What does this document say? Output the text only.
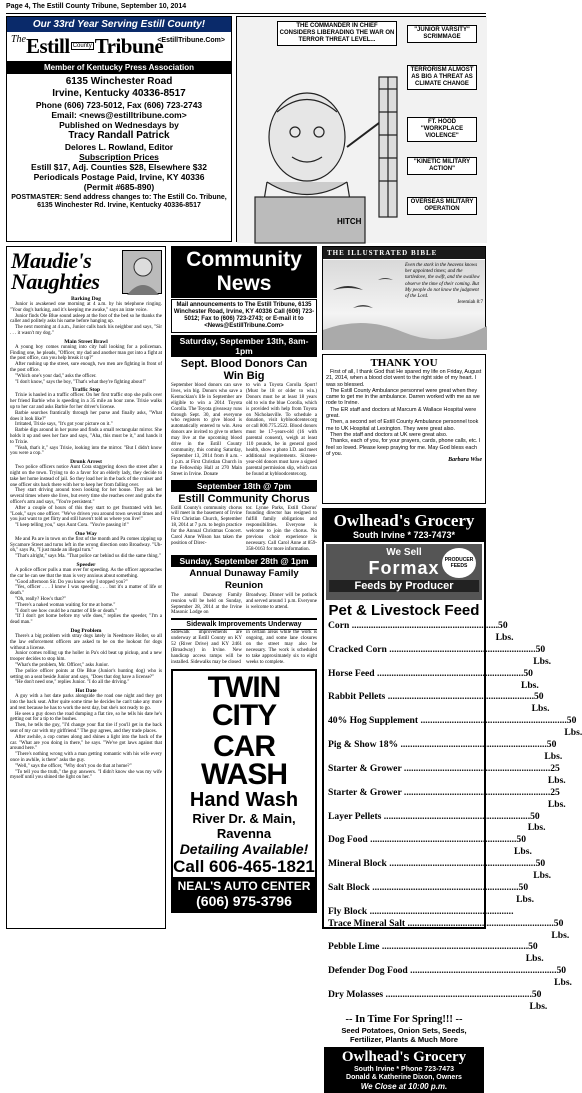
Page 4, The Estill County Tribune, September 10, 2014
Our 33rd Year Serving Estill County!
The Estill County Tribune
<EstillTribune.Com>
Member of Kentucky Press Association
6135 Winchester Road
Irvine, Kentucky 40336-8517
Phone (606) 723-5012, Fax (606) 723-2743
Email: <news@estilltribune.com>
Published on Wednesdays by
Tracy Randall Patrick
Delores L. Rowland, Editor
Subscription Prices
Estill $17, Adj. Counties $28, Elsewhere $32
Periodicals Postage Paid, Irvine, KY 40336
(Permit #685-890)
POSTMASTER: Send address changes to: The Estill Co. Tribune, 6135 Winchester Rd. Irvine, Kentucky 40336-8517
THE COMMANDER IN CHIEF CONSIDERS LIBERADING THE WAR ON TERROR THREAT LEVEL...
"JUNIOR VARSITY" SCRIMMAGE
TERRORISM ALMOST AS BIG A THREAT AS CLIMATE CHANGE
FT. HOOD "WORKPLACE VIOLENCE"
"KINETIC MILITARY ACTION"
OVERSEAS MILITARY OPERATION
HITCH
Maudie's
Naughties
Barking Dog

Junior is awakened one morning at 4 a.m. by his telephone ringing. "Your dog's barking, and it's keeping me awake," says an irate voice.

Junior finds Ole Blue sound asleep at the foot of the bed so he thanks the caller and politely asks his name before hanging up.

The next morning at 4 a.m., Junior calls back his neighbor and says, "Sir . . . it wasn't my dog."

Main Street Brawl

A young boy comes running into city hall looking for a policeman. Finding one, he pleads, "Officer, my dad and another man got into a fight at the post office, can you help break it up?"

After rushing up the street, sure enough, two men are fighting in front of the post office.

"Which one's your dad," asks the officer.

"I don't know," says the boy, "That's what they're fighting about!"

Traffic Stop

Trixie is hauled in a traffic officer. On her first traffic stop she pulls over her friend Barbie who is speeding in a 35 mile an hour zone. Trixie walks up to her car and asks Barbie for her driver's license.

Barbie searches frantically through her purse and finally asks, "What does it look like?"

Irritated, Trixie says, "It's got your picture on it."

Barbie digs around in her purse and finds a small rectangular mirror. She holds it up and sees her face and says, "Aha, this must be it," and hands it to Trixie.

"Yeah, that's it," says Trixie, looking into the mirror. "But I didn't know you were a cop."

Drunk Arrest

Two police officers notice Aunt Cora staggering down the street after a night on the town. Trying to do a favor for an elderly lady, they decide to take her home instead of jail. So they load her in the back of the cruiser and one officer sits back there with her to keep her from falling over.

They start driving around town looking for her house. They ask her several times where she lives, but every time she reaches over and grabs the officer's arm and says, "You're persistent."

After a couple of hours of this they start to get frustrated with her. "Look," says one officer. "We've driven you around town several times and you just want to get flirty and still haven't told us where you live!"

"I keep telling you," says Aunt Cora. "You're passing it!"

One Way

Me and Pa are in town on the first of the month and Pa comes zipping up Sycamore Street and turns left in the wrong direction onto Broadway. "Uh-oh," says Pa, "I just made an illegal turn."

"That's alright," says Ma. "That police car behind us did the same thing."

Speeder

A police officer pulls a man over for speeding. As the officer approaches the car he can see that the man is very anxious about something.

"Good afternoon Sir. Do you know why I stopped you?"

"Yes, officer . . . I know I was speeding . . . but it's a matter of life or death."

"Oh, really? How's that?"

"There's a naked woman waiting for me at home."

"I don't see how could be a matter of life or death."

"If I don't get home before my wife does," replies the speeder, "I'm a dead man."

Dog Problem

There's a big problem with stray dogs lately in Needmore Holler, so all the law enforcement officers are asked to be on the lookout for dogs without a license.

Junior comes rolling up the holler in Pa's old beat up pickup, and a new trooper decides to stop him.

"What's the problem, Mr. Officer," asks Junior.

The police officer points at Ole Blue (Junior's hunting dog) who is setting on a seat beside Junior and says, "Does that dog have a license?"

"He don't need one," replies Junior. "I do all the driving."

Hot Date

A guy with a hot date parks alongside the road one night and they get into the back seat. After quite some time he decides he can't take any more and rest because he has to work the next day, but she's not ready to go.

He sees a guy down the road dumping a flat tire, so he tells his date he's getting out for a tip to the bushes.

Then, he tells the guy, "I'd change your flat tire if you'll get in the back seat of my car with my girlfriend." The guy agrees, and they trade places.

After awhile, a cop comes along and shines a light into the back of the car. "What are you doing in there," he says. "We've got laws against that around here."

"There's nothing wrong with a man getting romantic with his wife every once in awhile, is there" asks the guy.

"Well," says the officer, "Why don't you do that at home?"

"To tell you the truth," the guy answers. "I didn't know she was my wife myself until you shined the light on her."

Community News
Mail announcements to The Estill Tribune, 6135 Winchester Road, Irvine, KY 40336 Call (606) 723-5012; Fax to (606) 723-2743; or E-mail it to <News@EstillTribune.Com>
Saturday, September 13th, 8am-1pm
Sept. Blood Donors Can Win Big
September blood donors can save lives, win big. Donors who save a Kentuckian's life in September are eligible to win a 2014 Toyota Corolla. The Toyota giveaway runs through Sept. 30, and everyone who registers to give blood is automatically entered to win. Area donors are invited to give to others may live at the upcoming blood drive in the Estill County community, this coming Saturday, September 13, 2014 from 8 a.m. - 1 p.m. at First Christian Church in the Fellowship Hall at 270 Main Street in Irvine. Donate
to win a Toyota Corolla Sport! (Must be 18 or older to win.) Donors must be at least 18 years old to win the blue Corolla, which is provided with help from Toyota on Nicholasville. To schedule a donation, visit kybloodcenter.org or call 800.775.2522. Blood donors must be 17-years-old (16 with parental consent), weigh at least 110 pounds, be in general good health, show a photo I.D. and meet additional requirements. Sixteen-year-old donors must have a signed parental permission slip, which can be found at kybloodcenter.org.
September 18th @ 7pm
Estill Community Chorus
Estill County's community chorus will meet in the basement of Irvine First Christian Church, September 18, 2014 at 7 p.m. to begin practice for the Annual Christmas Concert. Carol Anne Wilson has taken the position of Direc-
tor. Lynne Parks, Estill Chorus' founding director has resigned to fulfill family obligations and responsibilities. Everyone is welcome to join the chorus. No previous choir experience is necessary. Call Carol Anne at 859-358-0163 for more information.
Sunday, September 28th @ 1pm
Annual Dunaway Family Reunion
The annual Dunaway Family reunion will be held on Sunday, September 28, 2014 at the Irvine Masonic Lodge on
Broadway. Dinner will be potluck and served around 1 p.m. Everyone is welcome to attend.
Sidewalk Improvements Underway
Sidewalk improvements are underway at Estill County on KY 52 (River Drive) and KY 2461 (Broadway) in Irvine. New handicap access ramps will be installed. Sidewalks may be closed
in certain areas while the work is ongoing, and some lane closures on the street may also be necessary. The work is scheduled to take approximately six to eight weeks to complete.
TWIN CITY
CAR WASH
Hand Wash
River Dr. & Main, Ravenna
Detailing Available!
Call 606-465-1821
NEAL'S AUTO CENTER
(606) 975-3796
THE ILLUSTRATED BIBLE
Even the stork in the heavens knows her appointed times; and the turtledove, the swift, and the swallow observe the time of their coming. But My people do not know the judgment of the Lord.
Jeremiah 8:7
THANK YOU

First of all, I thank God that He spared my life on Friday, August 21, 2014, when a blood clot went to the right side of my heart. I was so blessed.

The Estill County Ambulance personnel were great when they came to get me in the ambulance. Darren worked with me as we rode to Irvine.

The ER staff and doctors at Marcum & Wallace Hospital were great.

Then, a second set of Estill County Ambulance personnel took me to UK Hospital at Lexington. They were great also.

Then the staff and doctors at UK were great also.

Thanks, each of you, for your prayers, cards, phone calls, etc. I feel so loved. Please keep praying for me. May God bless each of you.

Barbara Wise
Owlhead's Grocery
South Irvine * 723-7473*
We Sell
Formax
Feeds by Producer
PRODUCER FEEDS
Pet & Livestock Feed
Corn ............................................................ .50 Lbs.
Cracked Corn ............................................................ .50 Lbs.
Horse Feed ............................................................ .50 Lbs.
Rabbit Pellets ............................................................ .50 Lbs.
40% Hog Supplement ............................................................ .50 Lbs.
Pig & Show 18% ............................................................ .50 Lbs.
Starter & Grower ............................................................ .25 Lbs.
Starter & Grower ............................................................ .25 Lbs.
Layer Pellets ............................................................ .50 Lbs.
Dog Food ............................................................ .50 Lbs.
Mineral Block ............................................................ .50 Lbs.
Salt Block ............................................................ .50 Lbs.
Fly Block ............................................................
Trace Mineral Salt ............................................................ .50 Lbs.
Pebble Lime ............................................................ .50 Lbs.
Defender Dog Food ............................................................ .50 Lbs.
Dry Molasses ............................................................ .50 Lbs.
-- In Time For Spring!!! --
Seed Potatoes, Onion Sets, Seeds, Fertilizer, Plants & Much More
Owlhead's Grocery
South Irvine * Phone 723-7473
Donald & Katherine Dixon, Owners
We Close at 10:00 p.m.
